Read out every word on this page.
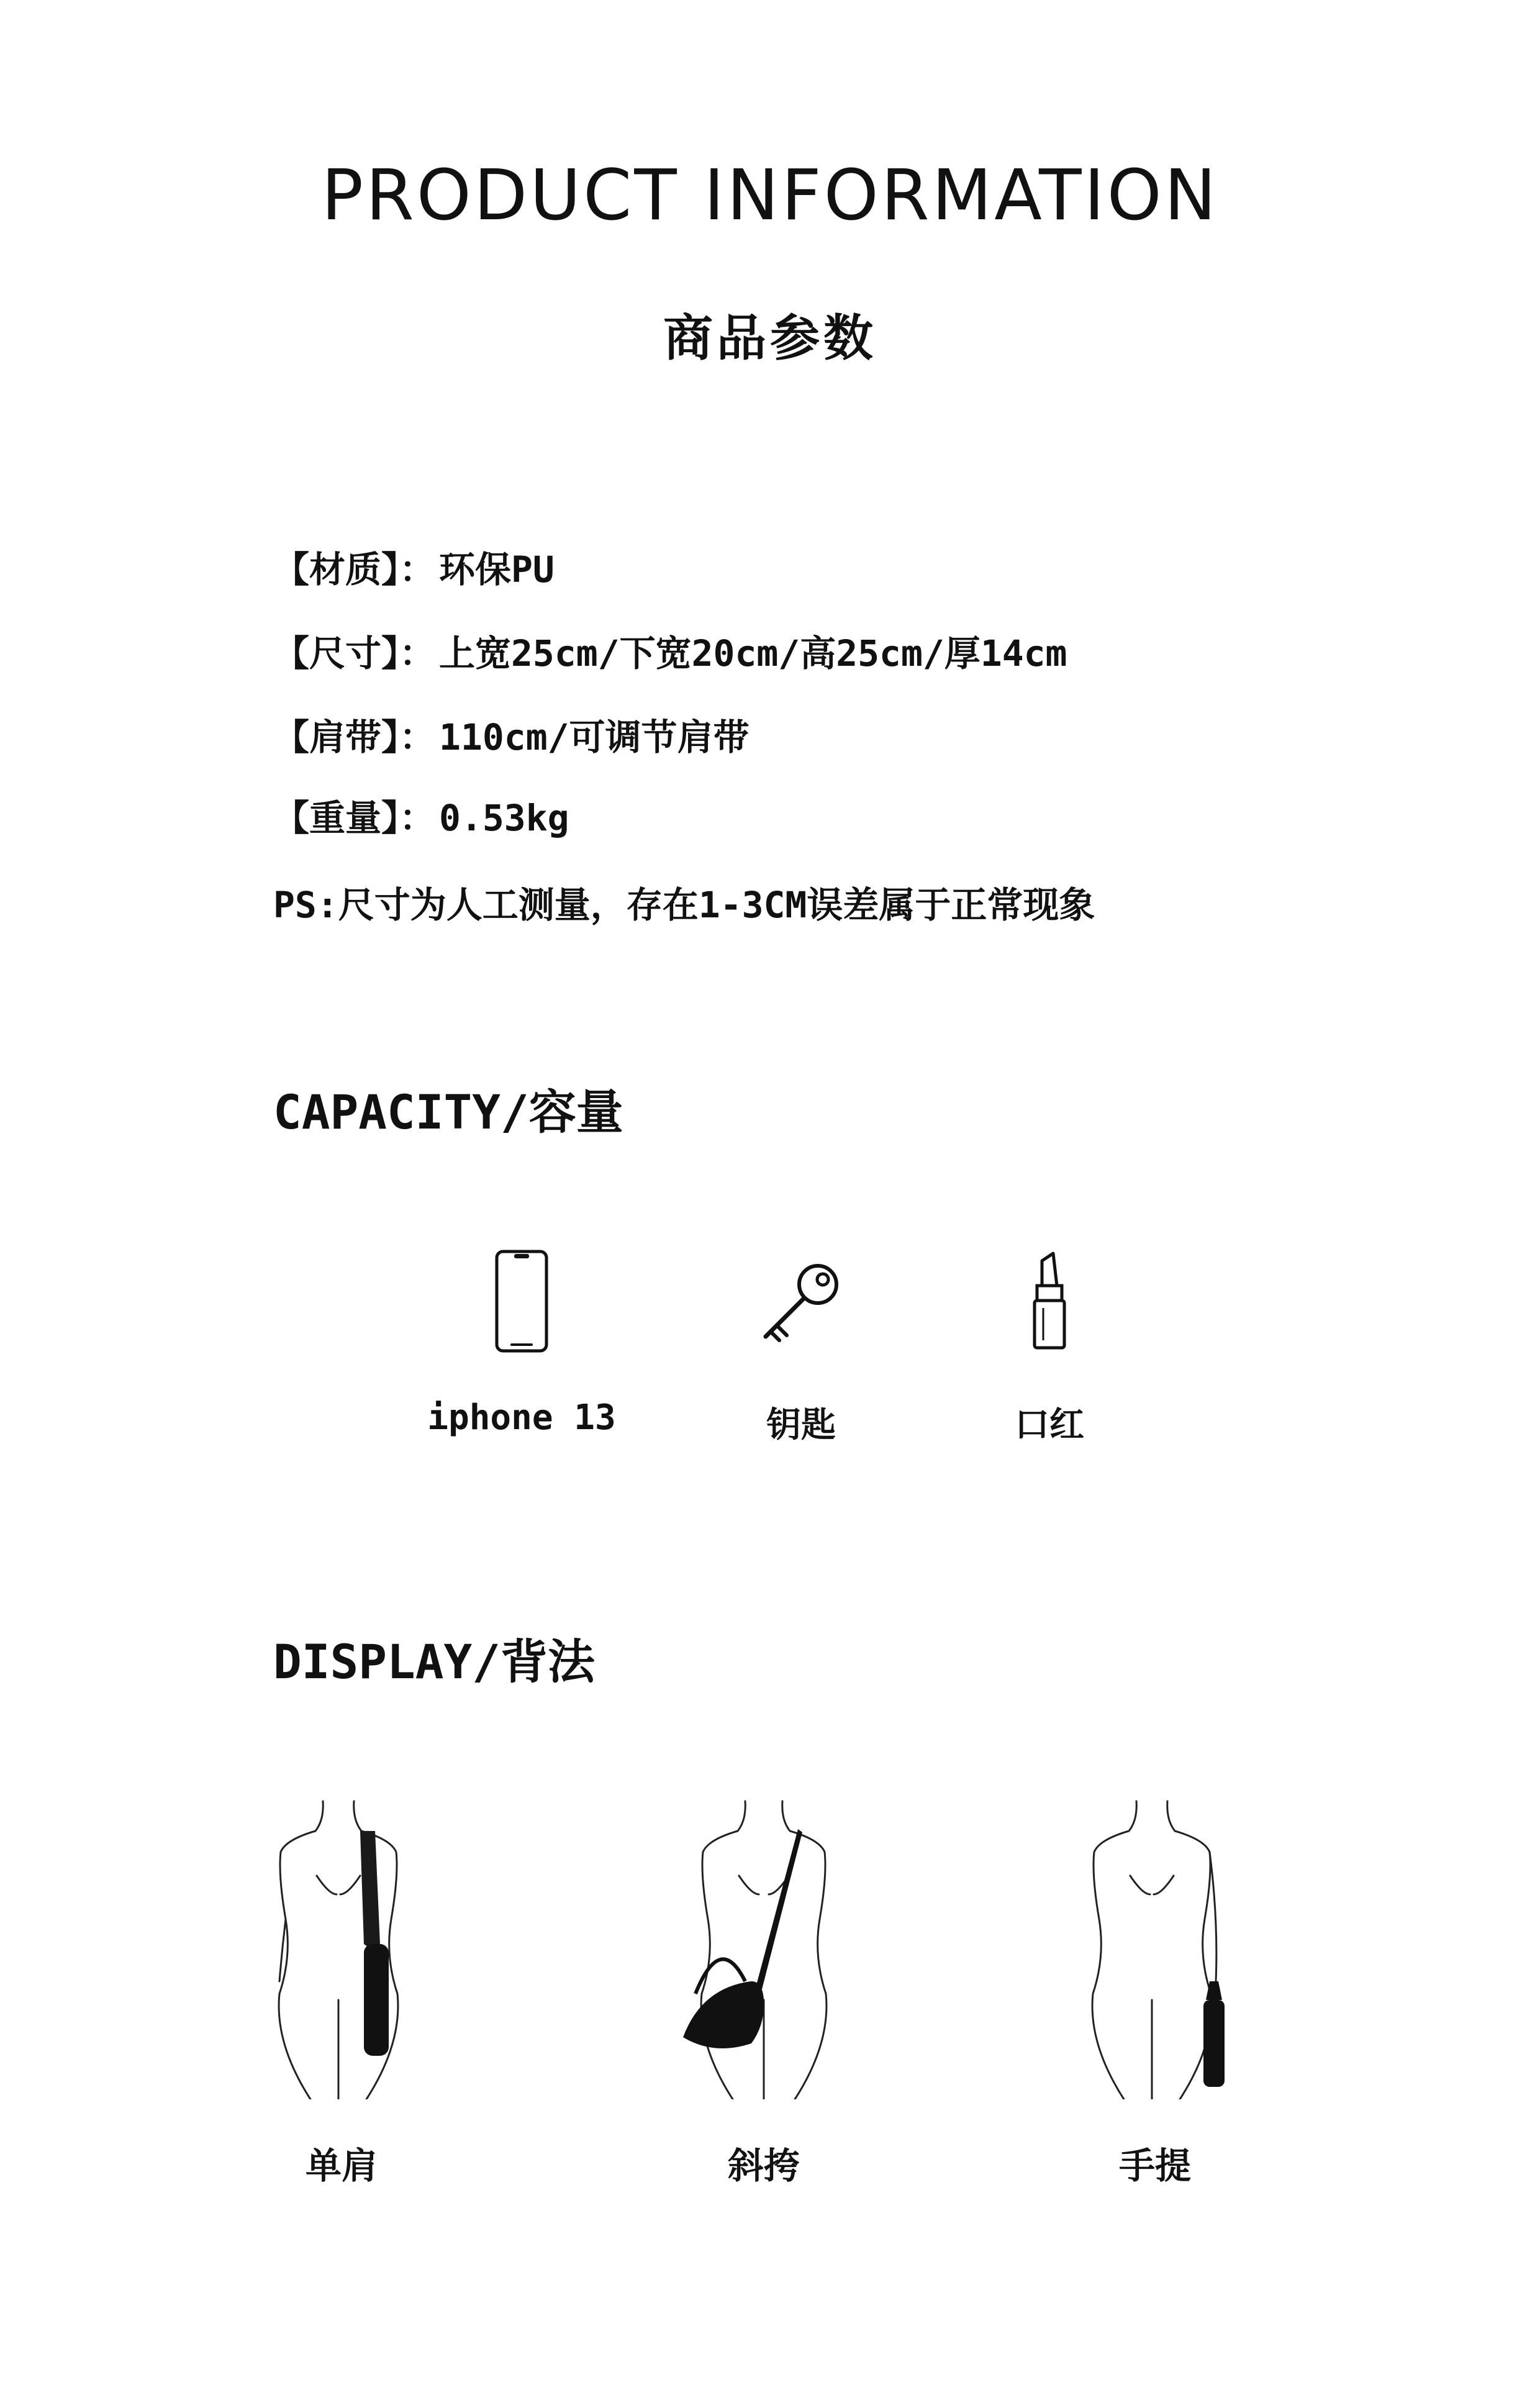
PRODUCT INFORMATION
商品参数
【材质】： 环保PU
【尺寸】： 上宽25cm/下宽20cm/高25cm/厚14cm
【肩带】： 110cm/可调节肩带
【重量】： 0.53kg
PS:尺寸为人工测量，存在1-3CM误差属于正常现象
CAPACITY/容量
iphone 13	钥匙	口红
DISPLAY/背法
单肩	斜挎	手提
